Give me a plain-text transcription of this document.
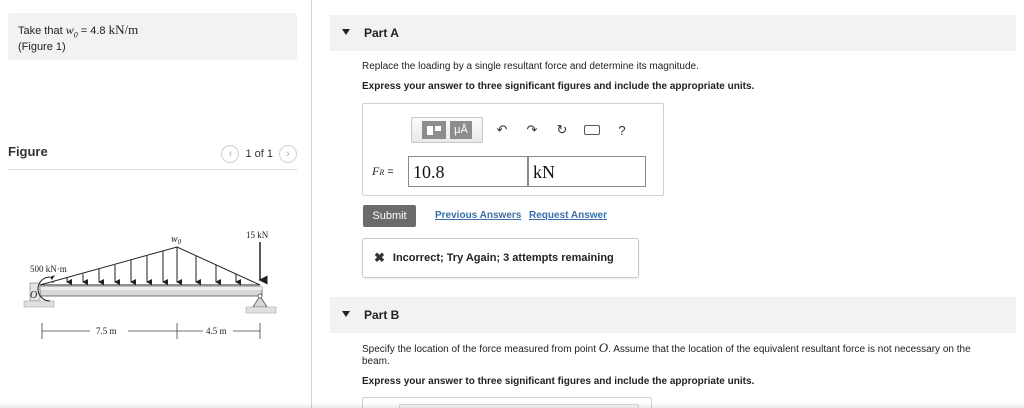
Take that $w_0 = 4.8$ kN/m
(Figure 1)
Figure	‹	1 of 1	›
$w_0$
15 kN
500 kN·m
O
7.5 m	4.5 m
Part A
Replace the loading by a single resultant force and determine its magnitude.
Express your answer to three significant figures and include the appropriate units.
μÅ	↶	↷	↻	?
FR = 10.8	kN
Submit	Previous Answers Request Answer
✖ Incorrect; Try Again; 3 attempts remaining
Part B
Specify the location of the force measured from point O. Assume that the location of the equivalent resultant force is not necessary on the
beam.
Express your answer to three significant figures and include the appropriate units.
